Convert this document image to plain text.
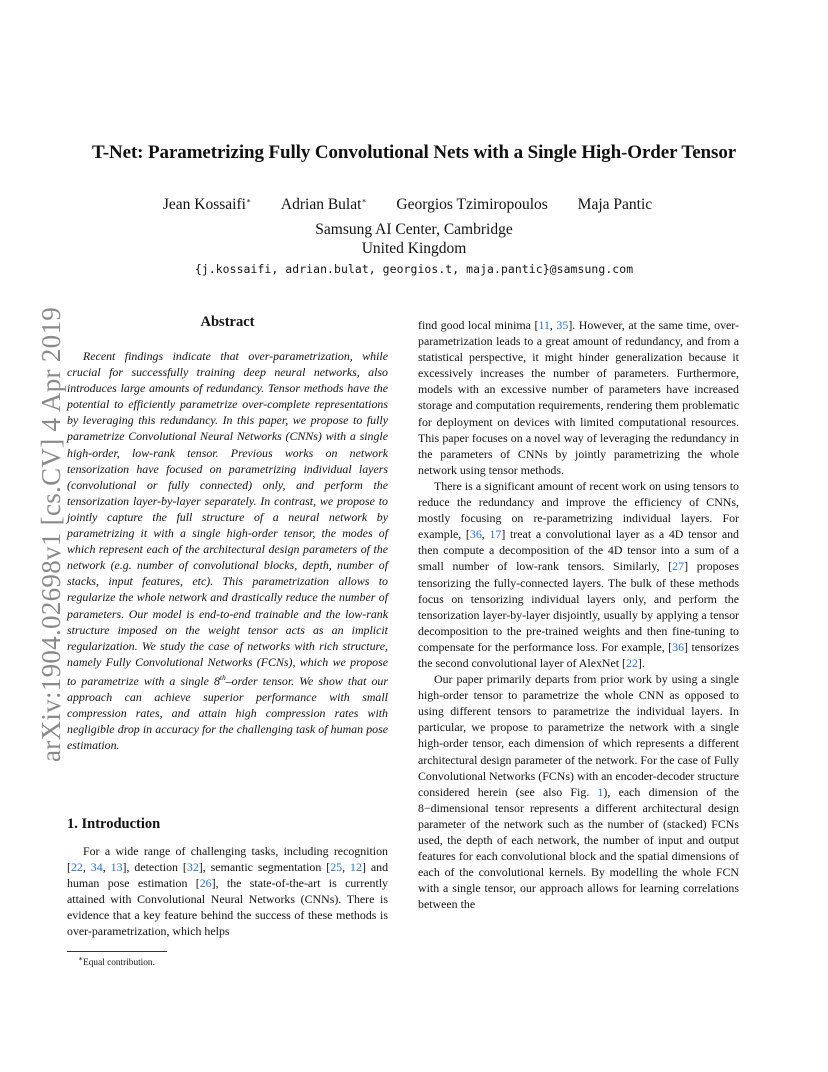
arXiv:1904.02698v1 [cs.CV] 4 Apr 2019
T-Net: Parametrizing Fully Convolutional Nets with a Single High-Order Tensor
Jean Kossaifi∗ Adrian Bulat∗ Georgios Tzimiropoulos Maja Pantic
Samsung AI Center, Cambridge
United Kingdom
{j.kossaifi, adrian.bulat, georgios.t, maja.pantic}@samsung.com
Abstract

Recent findings indicate that over-parametrization, while crucial for successfully training deep neural networks, also introduces large amounts of redundancy. Tensor methods have the potential to efficiently parametrize over-complete representations by leveraging this redundancy. In this paper, we propose to fully parametrize Convolutional Neural Networks (CNNs) with a single high-order, low-rank tensor. Previous works on network tensorization have focused on parametrizing individual layers (convolutional or fully connected) only, and perform the tensorization layer-by-layer separately. In contrast, we propose to jointly capture the full structure of a neural network by parametrizing it with a single high-order tensor, the modes of which represent each of the architectural design parameters of the network (e.g. number of convolutional blocks, depth, number of stacks, input features, etc). This parametrization allows to regularize the whole network and drastically reduce the number of parameters. Our model is end-to-end trainable and the low-rank structure imposed on the weight tensor acts as an implicit regularization. We study the case of networks with rich structure, namely Fully Convolutional Networks (FCNs), which we propose to parametrize with a single 8th–order tensor. We show that our approach can achieve superior performance with small compression rates, and attain high compression rates with negligible drop in accuracy for the challenging task of human pose estimation.

1. Introduction

For a wide range of challenging tasks, including recognition [22, 34, 13], detection [32], semantic segmentation [25, 12] and human pose estimation [26], the state-of-the-art is currently attained with Convolutional Neural Networks (CNNs). There is evidence that a key feature behind the success of these methods is over-parametrization, which helps

∗Equal contribution.

find good local minima [11, 35]. However, at the same time, over-parametrization leads to a great amount of redundancy, and from a statistical perspective, it might hinder generalization because it excessively increases the number of parameters. Furthermore, models with an excessive number of parameters have increased storage and computation requirements, rendering them problematic for deployment on devices with limited computational resources. This paper focuses on a novel way of leveraging the redundancy in the parameters of CNNs by jointly parametrizing the whole network using tensor methods.

There is a significant amount of recent work on using tensors to reduce the redundancy and improve the efficiency of CNNs, mostly focusing on re-parametrizing individual layers. For example, [36, 17] treat a convolutional layer as a 4D tensor and then compute a decomposition of the 4D tensor into a sum of a small number of low-rank tensors. Similarly, [27] proposes tensorizing the fully-connected layers. The bulk of these methods focus on tensorizing individual layers only, and perform the tensorization layer-by-layer disjointly, usually by applying a tensor decomposition to the pre-trained weights and then fine-tuning to compensate for the performance loss. For example, [36] tensorizes the second convolutional layer of AlexNet [22].

Our paper primarily departs from prior work by using a single high-order tensor to parametrize the whole CNN as opposed to using different tensors to parametrize the individual layers. In particular, we propose to parametrize the network with a single high-order tensor, each dimension of which represents a different architectural design parameter of the network. For the case of Fully Convolutional Networks (FCNs) with an encoder-decoder structure considered herein (see also Fig. 1), each dimension of the 8−dimensional tensor represents a different architectural design parameter of the network such as the number of (stacked) FCNs used, the depth of each network, the number of input and output features for each convolutional block and the spatial dimensions of each of the convolutional kernels. By modelling the whole FCN with a single tensor, our approach allows for learning correlations between the
